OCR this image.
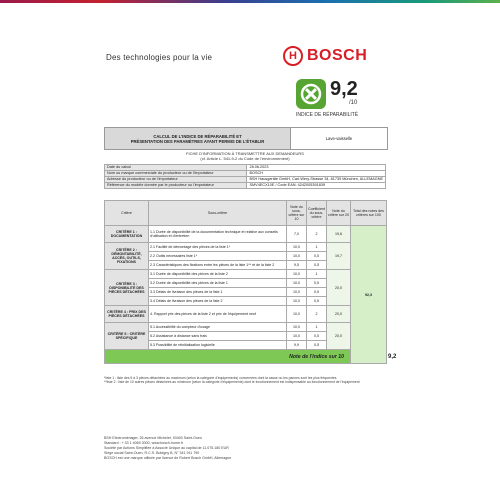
Des technologies pour la vie H	BOSCH
9,2
/10
INDICE DE RÉPARABILITÉ
CALCUL DE L'INDICE DE RÉPARABILITÉ ET
PRÉSENTATION DES PARAMÈTRES AYANT PERMIS DE L'ÉTABLIR	Lave-vaisselle
FICHE D'INFORMATION À TRANSMETTRE AUX DEMANDEURS
(cf. Article L. 541-9-2 du Code de l'environnement)
Date du calcul	28.06.2023
Nom ou marque commerciale du producteur ou de l'importateur	BOSCH
Adresse du producteur ou de l'importateur	BSH Hausgeräte GmbH, Carl-Wery-Strasse 34, 81739 München, ALLEMAGNE
Référence du modèle donnée par le producteur ou l'importateur	SMV4ECX10E / Code EAN: 4242005391839
Critère	Sous-critère	Note du sous-critère sur 10	Coefficient du sous-critère	Note du critère sur 20	Total des notes des critères sur 100	
CRITÈRE 1 : DOCUMENTATION	1.1 Durée de disponibilité de la documentation technique et relative aux conseils d'utilisation et d'entretien	7,0	2	19,6	92,3	
CRITÈRE 2 : DÉMONTABILITÉ, ACCÈS, OUTILS, FIXATIONS	2.1 Facilité de démontage des pièces de la liste 1*	10,0	1	19,7		
	2.2 Outils nécessaires liste 1*	10,0	0,5			
	2.3 Caractéristiques des fixations entre les pièces de la liste 1** et de la liste 2	9,5	0,5			
CRITÈRE 3 : DISPONIBILITÉ DES PIÈCES DÉTACHÉES	3.1 Durée de disponibilité des pièces de la liste 2	10,0	1	20,0		
	3.2 Durée de disponibilité des pièces de la liste 1	10,0	0,5			
	3.3 Délais de livraison des pièces de la liste 1	10,0	0,5			
	3.4 Délais de livraison des pièces de la liste 2	10,0	0,5			
CRITÈRE 4 : PRIX DES PIÈCES DÉTACHÉES	4. Rapport prix des pièces de la liste 2 et prix de l'équipement neuf	10,0	2	20,0		
CRITÈRE 5 : CRITÈRE SPÉCIFIQUE	5.1 Accessibilité du compteur d'usage	10,0	1	20,0		
	5.2 Assistance à distance sans frais	10,0	0,5			
	5.3 Possibilité de réinitialisation logicielle	9,9	0,5			
Note de l'indice sur 10						9,2
*liste 1 : liste des 5 à 3 pièces détachées au maximum (selon la catégorie d'équipements) concernées dont la casse ou les pannes sont les plus fréquentes
**liste 2 : liste de 10 autres pièces détachées au minimum (selon la catégorie d'équipements) dont le fonctionnement est indispensable au fonctionnement de l'équipement
BSH Electroménager, 26 avenue Michelet, 93400 Saint-Ouen
Standard : + 33 1 4069 3000, www.bosch-home.fr
Société par Actions Simplifiée à Associé Unique au capital de 11.075.180 EUR
Siège social Saint-Ouen, R.C.S. Bobigny B, N° 341 911 790
BOSCH est une marque utilisée par licence de Robert Bosch GmbH, Allemagne
